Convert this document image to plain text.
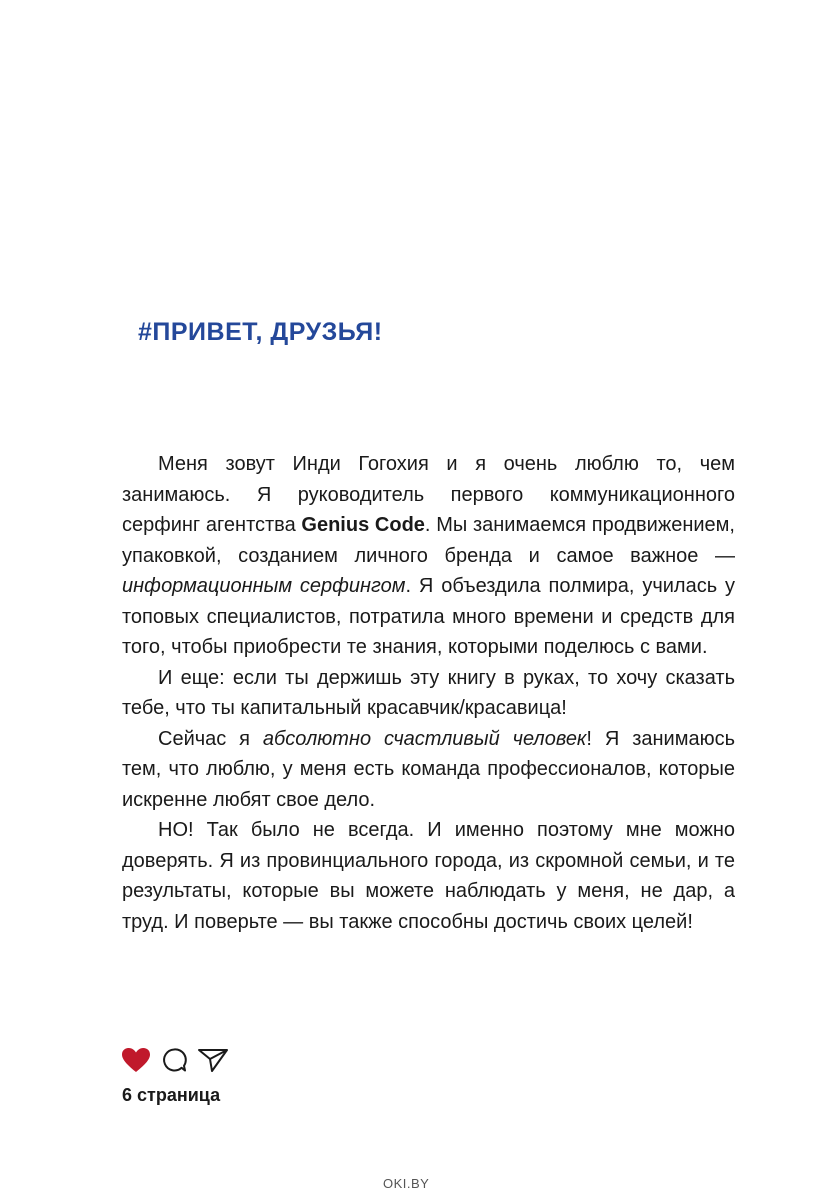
#ПРИВЕТ, ДРУЗЬЯ!

Меня зовут Инди Гогохия и я очень люблю то, чем занимаюсь. Я руководитель первого коммуникационного серфинг агентства Genius Code. Мы занимаемся продвижением, упаковкой, созданием личного бренда и самое важное — информационным серфингом. Я объездила полмира, училась у топовых специалистов, потратила много времени и средств для того, чтобы приобрести те знания, которыми поделюсь с вами.

И еще: если ты держишь эту книгу в руках, то хочу сказать тебе, что ты капитальный красавчик/красавица!

Сейчас я абсолютно счастливый человек! Я занимаюсь тем, что люблю, у меня есть команда профессионалов, которые искренне любят свое дело.

НО! Так было не всегда. И именно поэтому мне можно доверять. Я из провинциального города, из скромной семьи, и те результаты, которые вы можете наблюдать у меня, не дар, а труд. И поверьте — вы также способны достичь своих целей!

6 страница

OKI.BY
